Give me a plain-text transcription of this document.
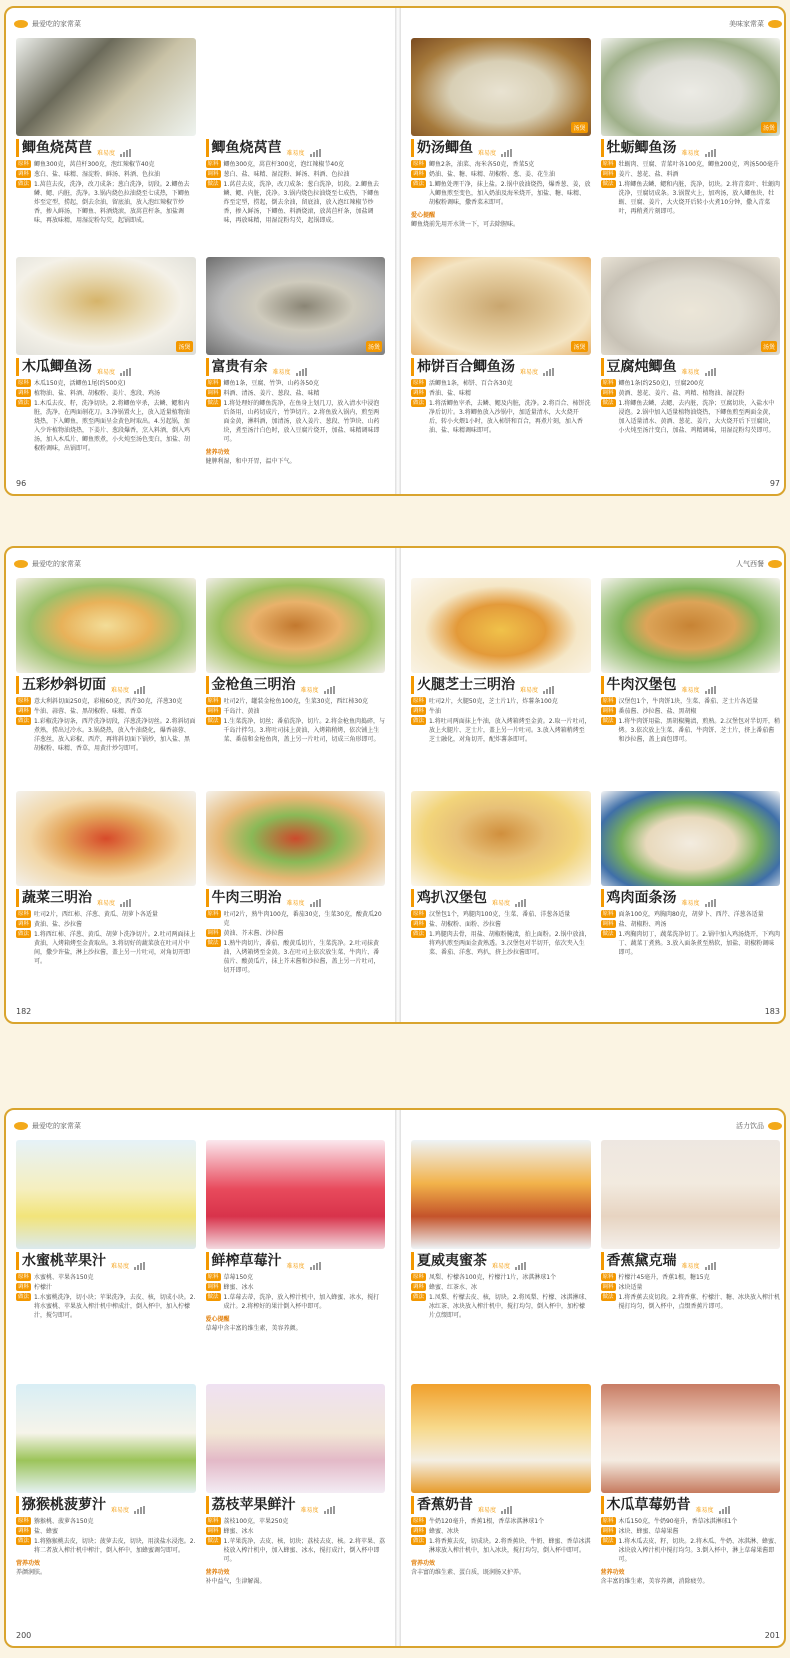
最爱吃的家常菜
鲫鱼烧莴苣 难易度
原料 鲫鱼300克，莴苣杆300克，泡红辣椒节40克
调料 葱白、盐、味精、湿淀粉、鲜汤、料酒、色拉油
做法 1.莴苣去皮，洗净，改刀成条；葱白洗净，切段。2.鲫鱼去鳞、鳃、内脏，洗净。3.锅内烧色拉油烧至七成热，下鲫鱼炸至定型，捞起，倒去余油，留底油，放入泡红辣椒节炒香，掺入鲜汤，下鲫鱼、料酒烧滚，放莴苣杆条，加盐调味，再放味精，用湿淀粉勾芡，起锅即成。
鲫鱼烧莴苣 难易度
原料 鲫鱼300克，莴苣杆300克，泡红辣椒节40克
调料 葱白、盐、味精、湿淀粉、鲜汤、料酒、色拉油
做法 1.莴苣去皮，洗净，改刀成条；葱白洗净，切段。2.鲫鱼去鳞、鳃、内脏，洗净。3.锅内烧色拉油烧至七成热，下鲫鱼炸至定型，捞起，倒去余油，留底油，放入泡红辣椒节炒香，掺入鲜汤，下鲫鱼、料酒烧滚，放莴苣杆条，加盐调味，再放味精，用湿淀粉勾芡，起锅即成。
汤煲
木瓜鲫鱼汤 难易度
原料 木瓜150克，活鲫鱼1尾(约500克)
调料 植物油、盐、料酒、胡椒粉、姜片、葱段、鸡汤
做法 1.木瓜去皮、籽，洗净切块。2.将鲫鱼宰杀，去鳞、鳃和内脏，洗净，在两面剞花刀。3.净锅置火上，放入适量植物油烧热，下入鲫鱼，煎至两面呈金黄色时取出。4.另起锅，加入少许植物油烧热，下姜片、葱段爆香，烹入料酒，倒入鸡汤，加入木瓜片、鲫鱼煎煮，小火炖至汤色变白，加盐、胡椒粉调味，出锅即可。
汤煲
富贵有余 难易度
原料 鲫鱼1条，豆腐、竹笋、山药各50克
调料 料酒、清汤、姜片、葱段、盐、味精
做法 1.将处理好的鲫鱼洗净，在鱼身上划几刀，放入清水中浸泡后备用，山药切成片，竹笋切片。2.将鱼放入锅内，煎至两面金黄，淋料酒，加清汤，放入姜片、葱段、竹笋块、山药块，煮至汤汁白色时，放入豆腐片烧开，加盐、味精调味即可。
营养功效
健脾利湿，和中开胃，温中下气。
96
美味家常菜
汤煲
奶汤鲫鱼 难易度
原料 鲫鱼2条，油菜、海米各50克，香菜5克
调料 奶油、盐、糖、味精、胡椒粉、葱、姜、花生油
做法 1.鲫鱼处理干净，抹上盐。2.锅中放油烧热，爆香葱、姜，放入鲫鱼煎至变色，加入奶油及海米烧开，加盐、糖、味精、胡椒粉调味，撒香菜末即可。
爱心提醒
鲫鱼烧前先用开水烫一下，可去除腥味。
汤煲
牡蛎鲫鱼汤 难易度
原料 牡蛎肉、豆腐、青菜叶各100克，鲫鱼200克，鸡汤500毫升
调料 姜片、葱花、盐、料酒
做法 1.将鲫鱼去鳞、鳃和内脏，洗净，切块。2.将青菜叶、牡蛎肉洗净，豆腐切成条。3.锅置火上，加鸡汤，放入鲫鱼块、牡蛎、豆腐、姜片，大火烧开后转小火煮10分钟，撒入青菜叶，再稍煮片刻即可。
汤煲
柿饼百合鲫鱼汤 难易度
原料 活鲫鱼1条，柿饼、百合各30克
调料 香油、盐、味精
做法 1.将活鲫鱼宰杀，去鳞、鳃及内脏，洗净。2.将百合、柿饼洗净后切片。3.将鲫鱼放入沙锅中，加适量清水，大火烧开后，转小火煨1小时，放入柿饼和百合，再煮片刻，加入香油、盐、味精调味即可。
汤煲
豆腐炖鲫鱼 难易度
原料 鲫鱼1条(约250克)，豆腐200克
调料 黄酒、葱花、姜片、盐、鸡精、植物油、湿淀粉
做法 1.将鲫鱼去鳞、去鳃、去内脏，洗净；豆腐切块，入盐水中浸泡。2.锅中加入适量植物油烧热，下鲫鱼煎至两面金黄，加入适量清水、黄酒、葱花、姜片，大火烧开后下豆腐块，小火炖至汤汁变白，加盐、鸡精调味，用湿淀粉勾芡即可。
97
最爱吃的家常菜
五彩炒斜切面 难易度
原料 意大利斜切面250克，彩椒60克，西芹30克，洋葱30克
调料 牛油、蒜蓉、盐、黑胡椒粉、味精、香草
做法 1.彩椒洗净切条，西芹洗净切段，洋葱洗净切丝。2.将斜切面煮熟，捞出过冷水。3.锅烧热，放入牛油烧化，爆香蒜蓉、洋葱丝，放入彩椒、西芹，再将斜切面下锅炒，加入盐、黑胡椒粉、味精、香草，用黄汁炒匀即可。
金枪鱼三明治 难易度
原料 吐司2片，罐装金枪鱼100克，生菜30克，西红柿30克
调料 千岛汁、黄油
做法 1.生菜洗净，切丝；番茄洗净，切片。2.将金枪鱼肉捣碎，与千岛汁拌匀。3.将吐司抹上黄油，入烤箱稍烤，依次铺上生菜、番茄和金枪鱼肉，盖上另一片吐司，切成三角形即可。
蔬菜三明治 难易度
原料 吐司2片，西红柿、洋葱、黄瓜、胡萝卜各适量
调料 黄油、盐、沙拉酱
做法 1.将西红柿、洋葱、黄瓜、胡萝卜洗净切片。2.吐司两面抹上黄油，入烤箱烤至金黄取出。3.将切好的蔬菜放在吐司片中间，撒少许盐，淋上沙拉酱，盖上另一片吐司，对角切开即可。
牛肉三明治 难易度
原料 吐司2片，熟牛肉100克，番茄30克，生菜30克，酸黄瓜20克
调料 黄油、芥末酱、沙拉酱
做法 1.熟牛肉切片，番茄、酸黄瓜切片，生菜洗净。2.吐司抹黄油，入烤箱烤至金黄。3.在吐司上依次放生菜、牛肉片、番茄片、酸黄瓜片，抹上芥末酱和沙拉酱，盖上另一片吐司，切开即可。
182
人气西餐
火腿芝士三明治 难易度
原料 吐司2片，火腿50克，芝士片1片，炸薯条100克
调料 牛油
做法 1.将吐司两面抹上牛油，放入烤箱烤至金黄。2.取一片吐司，放上火腿片、芝士片，盖上另一片吐司。3.放入烤箱稍烤至芝士融化，对角切开，配炸薯条即可。
牛肉汉堡包 难易度
原料 汉堡包1个，牛肉饼1块，生菜、番茄、芝士片各适量
调料 番茄酱、沙拉酱、盐、黑胡椒
做法 1.将牛肉饼用盐、黑胡椒腌渍，煎熟。2.汉堡包对半切开，稍烤。3.依次放上生菜、番茄、牛肉饼、芝士片，挤上番茄酱和沙拉酱，盖上面包即可。
鸡扒汉堡包 难易度
原料 汉堡包1个，鸡腿肉100克，生菜、番茄、洋葱各适量
调料 盐、胡椒粉、面粉、沙拉酱
做法 1.鸡腿肉去骨，用盐、胡椒粉腌渍，拍上面粉。2.锅中放油，将鸡扒煎至两面金黄熟透。3.汉堡包对半切开，依次夹入生菜、番茄、洋葱、鸡扒，挤上沙拉酱即可。
鸡肉面条汤 难易度
原料 面条100克，鸡胸肉80克，胡萝卜、西芹、洋葱各适量
调料 盐、胡椒粉、鸡汤
做法 1.鸡胸肉切丁，蔬菜洗净切丁。2.锅中加入鸡汤烧开，下鸡肉丁、蔬菜丁煮熟。3.放入面条煮至熟软，加盐、胡椒粉调味即可。
183
最爱吃的家常菜
水蜜桃苹果汁 难易度
原料 水蜜桃、苹果各150克
调料 柠檬汁
做法 1.水蜜桃洗净，切小块；苹果洗净，去皮、核，切成小块。2.将水蜜桃、苹果放入榨汁机中榨成汁，倒入杯中，加入柠檬汁，搅匀即可。
鲜榨草莓汁 难易度
原料 草莓150克
调料 蜂蜜、冰水
做法 1.草莓去蒂，洗净，放入榨汁机中，加入蜂蜜、冰水，搅打成汁。2.将榨好的果汁倒入杯中即可。
爱心提醒
草莓中含丰富的维生素，美容养颜。
猕猴桃菠萝汁 难易度
原料 猕猴桃、菠萝各150克
调料 盐、蜂蜜
做法 1.将猕猴桃去皮，切块；菠萝去皮，切块，用淡盐水浸泡。2.将二者放入榨汁机中榨汁，倒入杯中，加蜂蜜调匀即可。
营养功效
养颜润肤。
荔枝苹果鲜汁 难易度
原料 荔枝100克，苹果250克
调料 蜂蜜、冰水
做法 1.苹果洗净，去皮、核，切块；荔枝去皮、核。2.将苹果、荔枝放入榨汁机中，加入蜂蜜、冰水，搅打成汁，倒入杯中即可。
营养功效
补中益气，生津解渴。
200
活力饮品
夏威夷蜜茶 难易度
原料 凤梨、柠檬各100克，柠檬汁1片，冰淇淋球1个
调料 蜂蜜、红茶水、冰
做法 1.凤梨、柠檬去皮、核，切块。2.将凤梨、柠檬、冰淇淋球、冰红茶、冰块放入榨汁机中，搅打均匀，倒入杯中，加柠檬片点缀即可。
香蕉黛克瑞 难易度
原料 柠檬汁45毫升，香蕉1根，糖15克
调料 冰块适量
做法 1.将香蕉去皮切段。2.将香蕉、柠檬汁、糖、冰块放入榨汁机搅打均匀，倒入杯中，点缀香蕉片即可。
香蕉奶昔 难易度
原料 牛奶120毫升，香蕉1根，香草冰淇淋球1个
调料 蜂蜜、冰块
做法 1.将香蕉去皮，切成块。2.将香蕉块、牛奶、蜂蜜、香草冰淇淋球放入榨汁机中，加入冰块，搅打均匀，倒入杯中即可。
营养功效
含丰富的维生素、蛋白质，既润肠又护养。
木瓜草莓奶昔 难易度
原料 木瓜150克，牛奶90毫升，香草冰淇淋球1个
调料 冰块、蜂蜜、草莓果酱
做法 1.将木瓜去皮、籽，切块。2.将木瓜、牛奶、冰淇淋、蜂蜜、冰块放入榨汁机中搅打均匀。3.倒入杯中，淋上草莓果酱即可。
营养功效
含丰富的维生素，美容养颜，消除疲劳。
201
